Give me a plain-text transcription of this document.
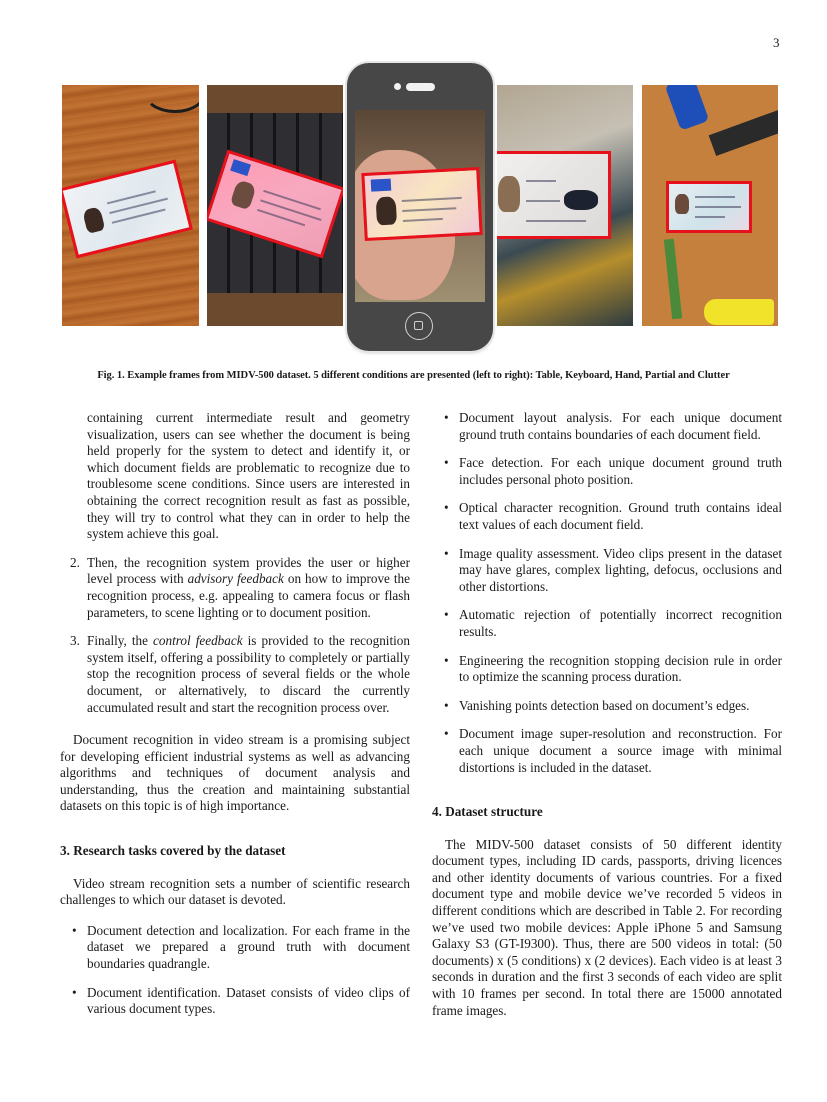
3
Fig. 1. Example frames from MIDV-500 dataset. 5 different conditions are presented (left to right): Table, Keyboard, Hand, Partial and Clutter

containing current intermediate result and geometry visualization, users can see whether the document is being held properly for the system to detect and identify it, or which document fields are problematic to recognize due to troublesome scene conditions. Since users are interested in obtaining the correct recognition result as fast as possible, they will try to control what they can in order to help the system achieve this goal.

2. Then, the recognition system provides the user or higher level process with advisory feedback on how to improve the recognition process, e.g. appealing to camera focus or flash parameters, to scene lighting or to document position.

3. Finally, the control feedback is provided to the recognition system itself, offering a possibility to completely or partially stop the recognition process of several fields or the whole document, or alternatively, to discard the currently accumulated result and start the recognition process over.

Document recognition in video stream is a promising subject for developing efficient industrial systems as well as advancing algorithms and techniques of document analysis and understanding, thus the creation and maintaining substantial datasets on this topic is of high importance.

3. Research tasks covered by the dataset

Video stream recognition sets a number of scientific research challenges to which our dataset is devoted.

• Document detection and localization. For each frame in the dataset we prepared a ground truth with document boundaries quadrangle.

• Document identification. Dataset consists of video clips of various document types.

• Document layout analysis. For each unique document ground truth contains boundaries of each document field.

• Face detection. For each unique document ground truth includes personal photo position.

• Optical character recognition. Ground truth contains ideal text values of each document field.

• Image quality assessment. Video clips present in the dataset may have glares, complex lighting, defocus, occlusions and other distortions.

• Automatic rejection of potentially incorrect recognition results.

• Engineering the recognition stopping decision rule in order to optimize the scanning process duration.

• Vanishing points detection based on document’s edges.

• Document image super-resolution and reconstruction. For each unique document a source image with minimal distortions is included in the dataset.

4. Dataset structure

The MIDV-500 dataset consists of 50 different identity document types, including ID cards, passports, driving licences and other identity documents of various countries. For a fixed document type and mobile device we’ve recorded 5 videos in different conditions which are described in Table 2. For recording we’ve used two mobile devices: Apple iPhone 5 and Samsung Galaxy S3 (GT-I9300). Thus, there are 500 videos in total: (50 documents) x (5 conditions) x (2 devices). Each video is at least 3 seconds in duration and the first 3 seconds of each video are split with 10 frames per second. In total there are 15000 annotated frame images.
